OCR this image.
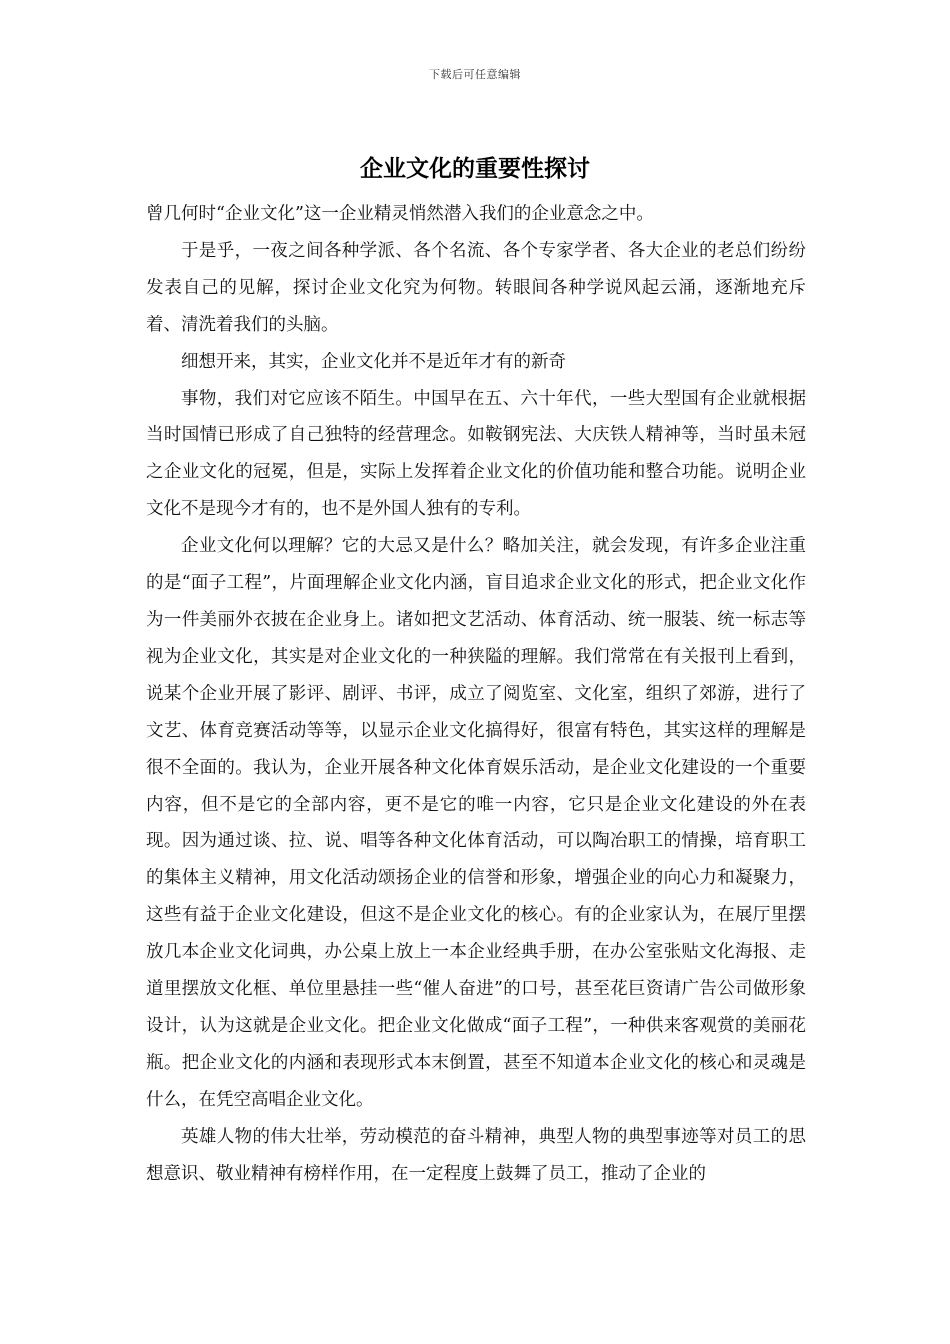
下载后可任意编辑
企业文化的重要性探讨

曾几何时“企业文化”这一企业精灵悄然潜入我们的企业意念之中。

于是乎，一夜之间各种学派、各个名流、各个专家学者、各大企业的老总们纷纷发表自己的见解，探讨企业文化究为何物。转眼间各种学说风起云涌，逐渐地充斥着、清洗着我们的头脑。

细想开来，其实，企业文化并不是近年才有的新奇

事物，我们对它应该不陌生。中国早在五、六十年代，一些大型国有企业就根据当时国情已形成了自己独特的经营理念。如鞍钢宪法、大庆铁人精神等，当时虽未冠之企业文化的冠冕，但是，实际上发挥着企业文化的价值功能和整合功能。说明企业文化不是现今才有的，也不是外国人独有的专利。

企业文化何以理解？它的大忌又是什么？略加关注，就会发现，有许多企业注重的是“面子工程”，片面理解企业文化内涵，盲目追求企业文化的形式，把企业文化作为一件美丽外衣披在企业身上。诸如把文艺活动、体育活动、统一服装、统一标志等视为企业文化，其实是对企业文化的一种狭隘的理解。我们常常在有关报刊上看到，说某个企业开展了影评、剧评、书评，成立了阅览室、文化室，组织了郊游，进行了文艺、体育竞赛活动等等，以显示企业文化搞得好，很富有特色，其实这样的理解是很不全面的。我认为，企业开展各种文化体育娱乐活动，是企业文化建设的一个重要内容，但不是它的全部内容，更不是它的唯一内容，它只是企业文化建设的外在表现。因为通过谈、拉、说、唱等各种文化体育活动，可以陶冶职工的情操，培育职工的集体主义精神，用文化活动颂扬企业的信誉和形象，增强企业的向心力和凝聚力，这些有益于企业文化建设，但这不是企业文化的核心。有的企业家认为，在展厅里摆放几本企业文化词典，办公桌上放上一本企业经典手册，在办公室张贴文化海报、走道里摆放文化框、单位里悬挂一些“催人奋进”的口号，甚至花巨资请广告公司做形象设计，认为这就是企业文化。把企业文化做成“面子工程”，一种供来客观赏的美丽花瓶。把企业文化的内涵和表现形式本末倒置，甚至不知道本企业文化的核心和灵魂是什么，在凭空高唱企业文化。

英雄人物的伟大壮举，劳动模范的奋斗精神，典型人物的典型事迹等对员工的思想意识、敬业精神有榜样作用，在一定程度上鼓舞了员工，推动了企业的
